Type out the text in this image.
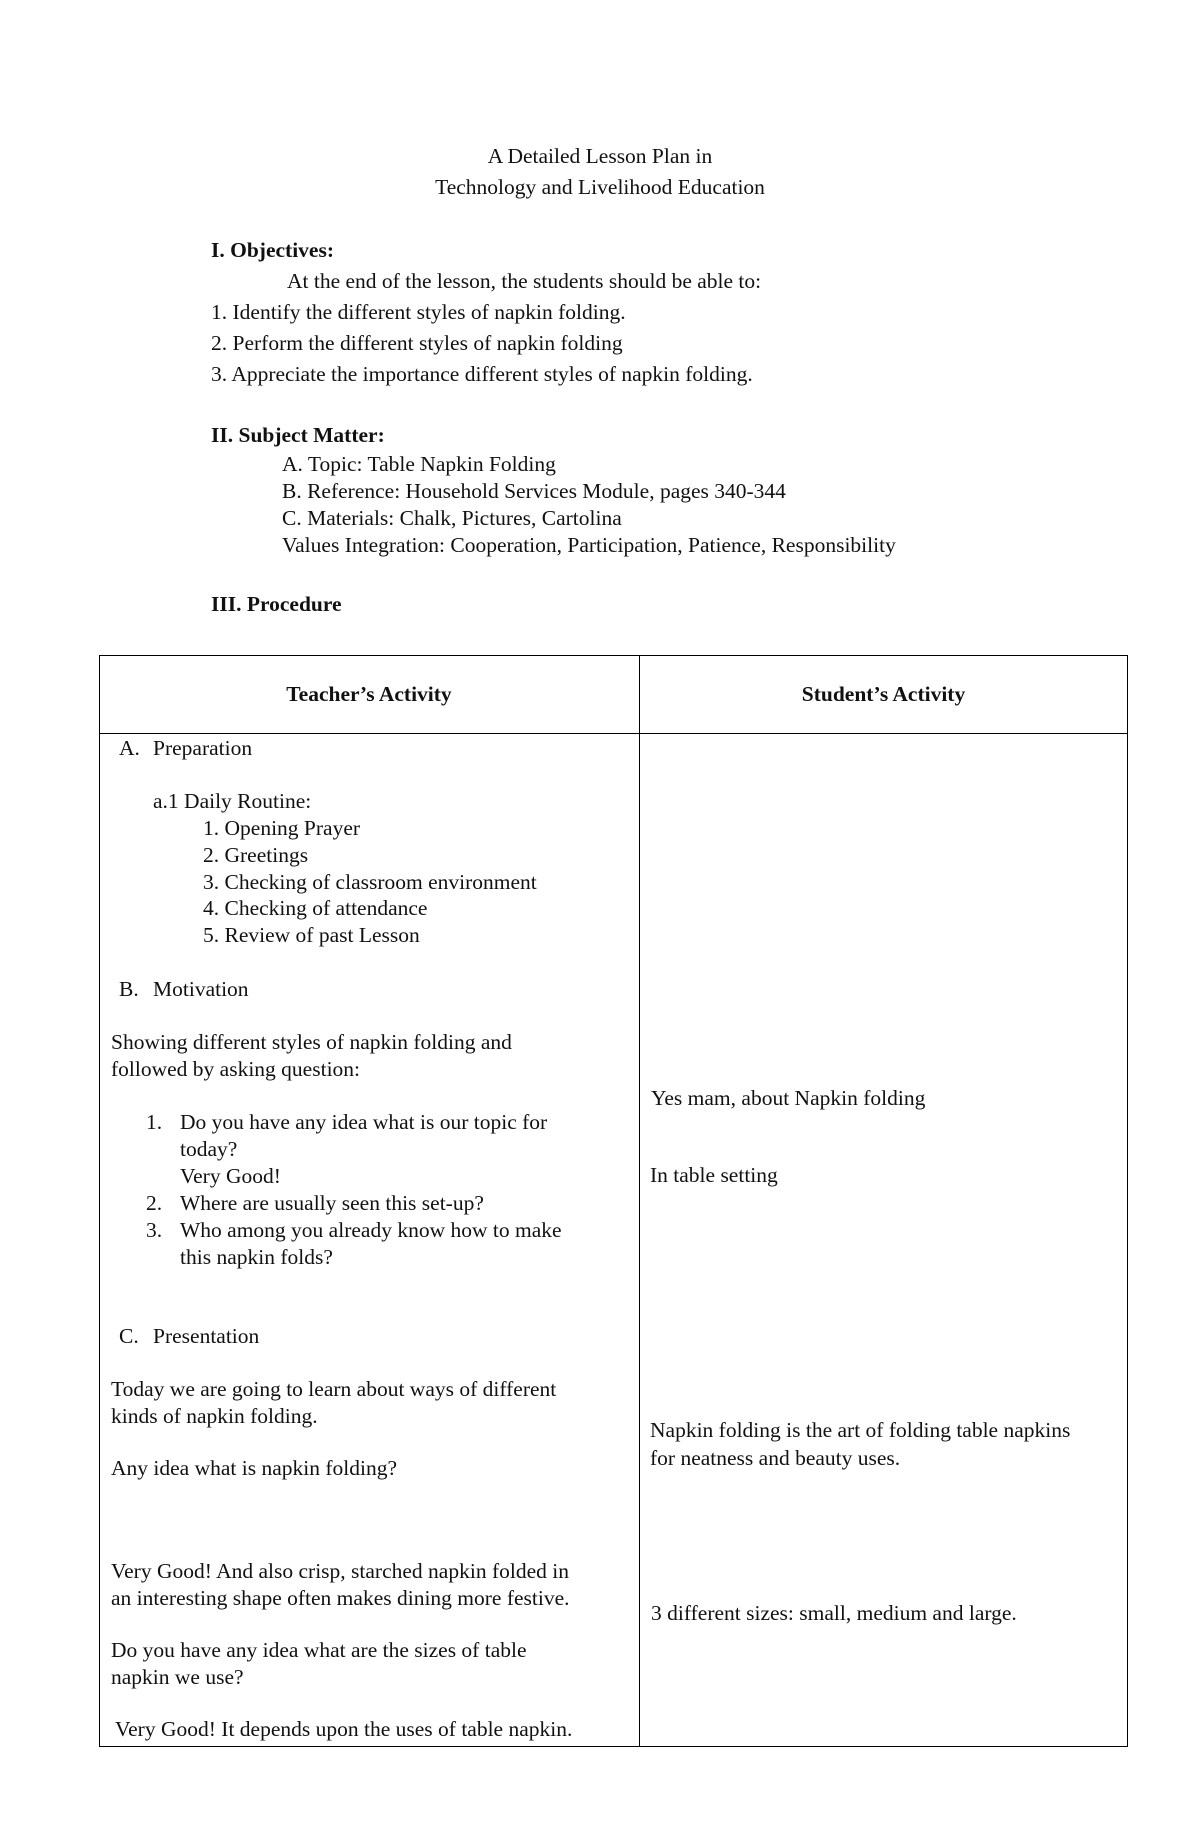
A Detailed Lesson Plan in
Technology and Livelihood Education
I. Objectives:
At the end of the lesson, the students should be able to:
1. Identify the different styles of napkin folding.
2. Perform the different styles of napkin folding
3. Appreciate the importance different styles of napkin folding.
II. Subject Matter:
A. Topic: Table Napkin Folding
B. Reference: Household Services Module, pages 340-344
C. Materials: Chalk, Pictures, Cartolina
Values Integration: Cooperation, Participation, Patience, Responsibility
III. Procedure
Teacher’s Activity	Student’s Activity
A. Preparation
a.1 Daily Routine:
1. Opening Prayer
2. Greetings
3. Checking of classroom environment
4. Checking of attendance
5. Review of past Lesson
B. Motivation
Showing different styles of napkin folding and
followed by asking question:
1. Do you have any idea what is our topic for
today?
Very Good!
2. Where are usually seen this set-up?
3. Who among you already know how to make
this napkin folds?
C. Presentation
Today we are going to learn about ways of different
kinds of napkin folding.
Any idea what is napkin folding?
Very Good! And also crisp, starched napkin folded in
an interesting shape often makes dining more festive.
Do you have any idea what are the sizes of table
napkin we use?
Very Good! It depends upon the uses of table napkin.
Yes mam, about Napkin folding
In table setting
Napkin folding is the art of folding table napkins
for neatness and beauty uses.
3 different sizes: small, medium and large.
